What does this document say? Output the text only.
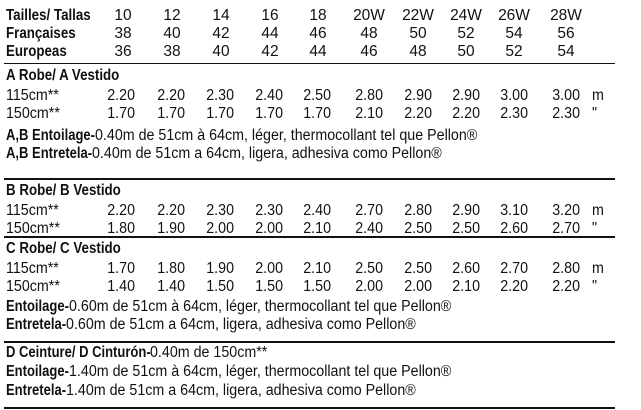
Tailles/ Tallas 10 12 14 16 18 20W 22W 24W 26W 28W
Françaises 38 40 42 44 46 48 50 52 54 56
Europeas	36 38 40 42 44 46 48 50 52 54
A Robe/ A Vestido
115cm**	2.20 2.20 2.30 2.40 2.50 2.80 2.90 2.90 3.00 3.00 m
150cm**	1.70 1.70 1.70 1.70 1.70 2.10 2.20 2.20 2.30 2.30 "
B Robe/ B Vestido
115cm**	2.20 2.20 2.30 2.30 2.40 2.70 2.80 2.90 3.10 3.20 m
150cm**	1.80 1.90 2.00 2.00 2.10 2.40 2.50 2.50 2.60 2.70 "
C Robe/ C Vestido
115cm**	1.70 1.80 1.90 2.00 2.10 2.50 2.50 2.60 2.70 2.80 m
150cm**	1.40 1.40 1.50 1.50 1.50 2.00 2.00 2.10 2.20 2.20 "
A,B Entoilage-0.40m de 51cm à 64cm, léger, thermocollant tel que Pellon®
A,B Entretela-0.40m de 51cm a 64cm, ligera, adhesiva como Pellon®
Entoilage-0.60m de 51cm à 64cm, léger, thermocollant tel que Pellon®
Entretela-0.60m de 51cm a 64cm, ligera, adhesiva como Pellon®
D Ceinture/ D Cinturón-0.40m de 150cm**
Entoilage-1.40m de 51cm à 64cm, léger, thermocollant tel que Pellon®
Entretela-1.40m de 51cm a 64cm, ligera, adhesiva como Pellon®
